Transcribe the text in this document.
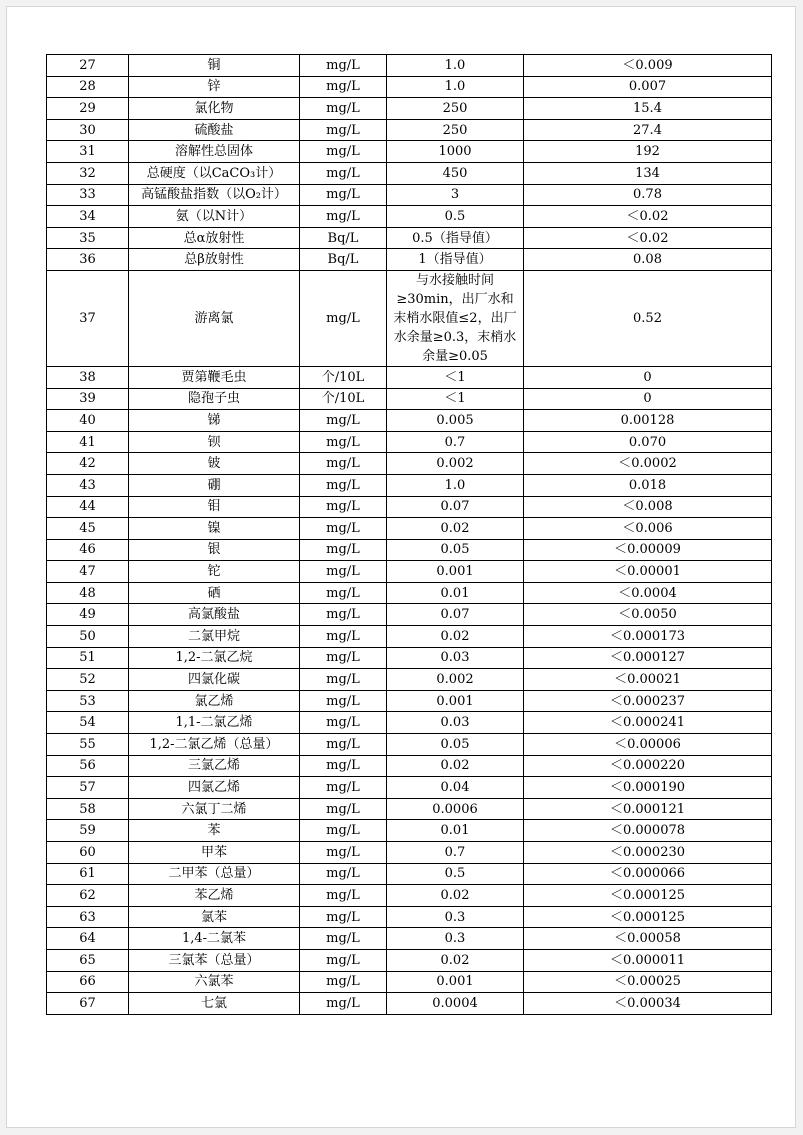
27	铜	mg/L	1.0	＜0.009
28	锌	mg/L	1.0	0.007
29	氯化物	mg/L	250	15.4
30	硫酸盐	mg/L	250	27.4
31	溶解性总固体	mg/L	1000	192
32	总硬度（以CaCO₃计）	mg/L	450	134
33	高锰酸盐指数（以O₂计）	mg/L	3	0.78
34	氨（以N计）	mg/L	0.5	＜0.02
35	总α放射性	Bq/L	0.5（指导值）	＜0.02
36	总β放射性	Bq/L	1（指导值）	0.08
37	游离氯	mg/L	与水接触时间≥30min，出厂水和末梢水限值≤2，出厂水余量≥0.3，末梢水余量≥0.05	0.52
38	贾第鞭毛虫	个/10L	＜1	0
39	隐孢子虫	个/10L	＜1	0
40	锑	mg/L	0.005	0.00128
41	钡	mg/L	0.7	0.070
42	铍	mg/L	0.002	＜0.0002
43	硼	mg/L	1.0	0.018
44	钼	mg/L	0.07	＜0.008
45	镍	mg/L	0.02	＜0.006
46	银	mg/L	0.05	＜0.00009
47	铊	mg/L	0.001	＜0.00001
48	硒	mg/L	0.01	＜0.0004
49	高氯酸盐	mg/L	0.07	＜0.0050
50	二氯甲烷	mg/L	0.02	＜0.000173
51	1,2-二氯乙烷	mg/L	0.03	＜0.000127
52	四氯化碳	mg/L	0.002	＜0.00021
53	氯乙烯	mg/L	0.001	＜0.000237
54	1,1-二氯乙烯	mg/L	0.03	＜0.000241
55	1,2-二氯乙烯（总量）	mg/L	0.05	＜0.00006
56	三氯乙烯	mg/L	0.02	＜0.000220
57	四氯乙烯	mg/L	0.04	＜0.000190
58	六氯丁二烯	mg/L	0.0006	＜0.000121
59	苯	mg/L	0.01	＜0.000078
60	甲苯	mg/L	0.7	＜0.000230
61	二甲苯（总量）	mg/L	0.5	＜0.000066
62	苯乙烯	mg/L	0.02	＜0.000125
63	氯苯	mg/L	0.3	＜0.000125
64	1,4-二氯苯	mg/L	0.3	＜0.00058
65	三氯苯（总量）	mg/L	0.02	＜0.000011
66	六氯苯	mg/L	0.001	＜0.00025
67	七氯	mg/L	0.0004	＜0.00034
